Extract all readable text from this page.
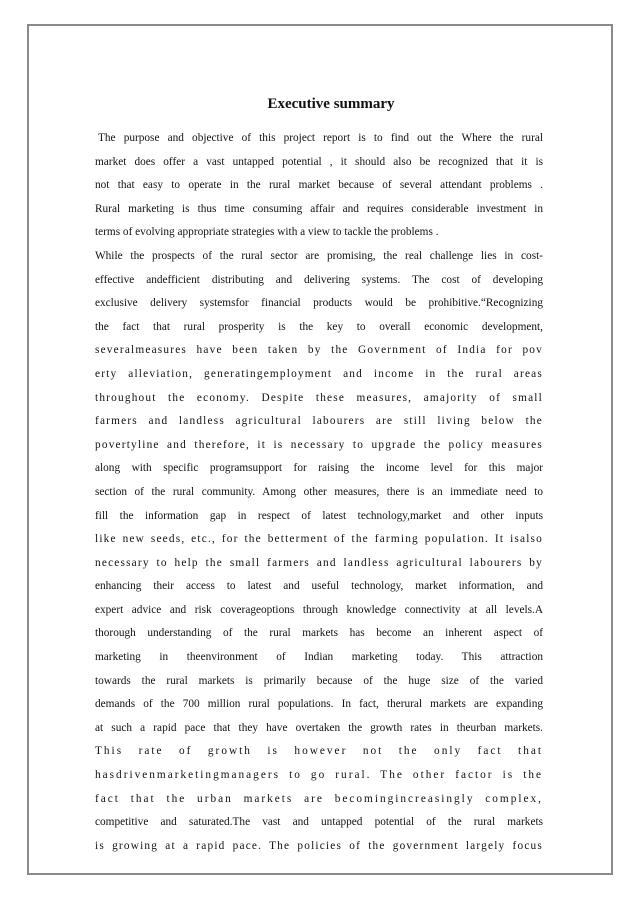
Executive summary
The purpose and objective of this project report is to find out the Where the rural
market does offer a vast untapped potential , it should also be recognized that it is
not that easy to operate in the rural market because of several attendant problems .
Rural marketing is thus time consuming affair and requires considerable investment in
terms of evolving appropriate strategies with a view to tackle the problems .
While the prospects of the rural sector are promising, the real challenge lies in cost-
effective andefficient distributing and delivering systems. The cost of developing
exclusive delivery systemsfor financial products would be prohibitive.“Recognizing
the fact that rural prosperity is the key to overall economic development,
severalmeasures have been taken by the Government of India for pov
erty alleviation, generatingemployment and income in the rural areas
throughout the economy. Despite these measures, amajority of small
farmers and landless agricultural labourers are still living below the
povertyline and therefore, it is necessary to upgrade the policy measures
along with specific programsupport for raising the income level for this major
section of the rural community. Among other measures, there is an immediate need to
fill the information gap in respect of latest technology,market and other inputs
like new seeds, etc., for the betterment of the farming population. It isalso
necessary to help the small farmers and landless agricultural labourers by
enhancing their access to latest and useful technology, market information, and
expert advice and risk coverageoptions through knowledge connectivity at all levels.A
thorough understanding of the rural markets has become an inherent aspect of
marketing in theenvironment of Indian marketing today. This attraction
towards the rural markets is primarily because of the huge size of the varied
demands of the 700 million rural populations. In fact, therural markets are expanding
at such a rapid pace that they have overtaken the growth rates in theurban markets.
This rate of growth is however not the only fact that
hasdrivenmarketingmanagers to go rural. The other factor is the
fact that the urban markets are becomingincreasingly complex,
competitive and saturated.The vast and untapped potential of the rural markets
is growing at a rapid pace. The policies of the government largely focus
